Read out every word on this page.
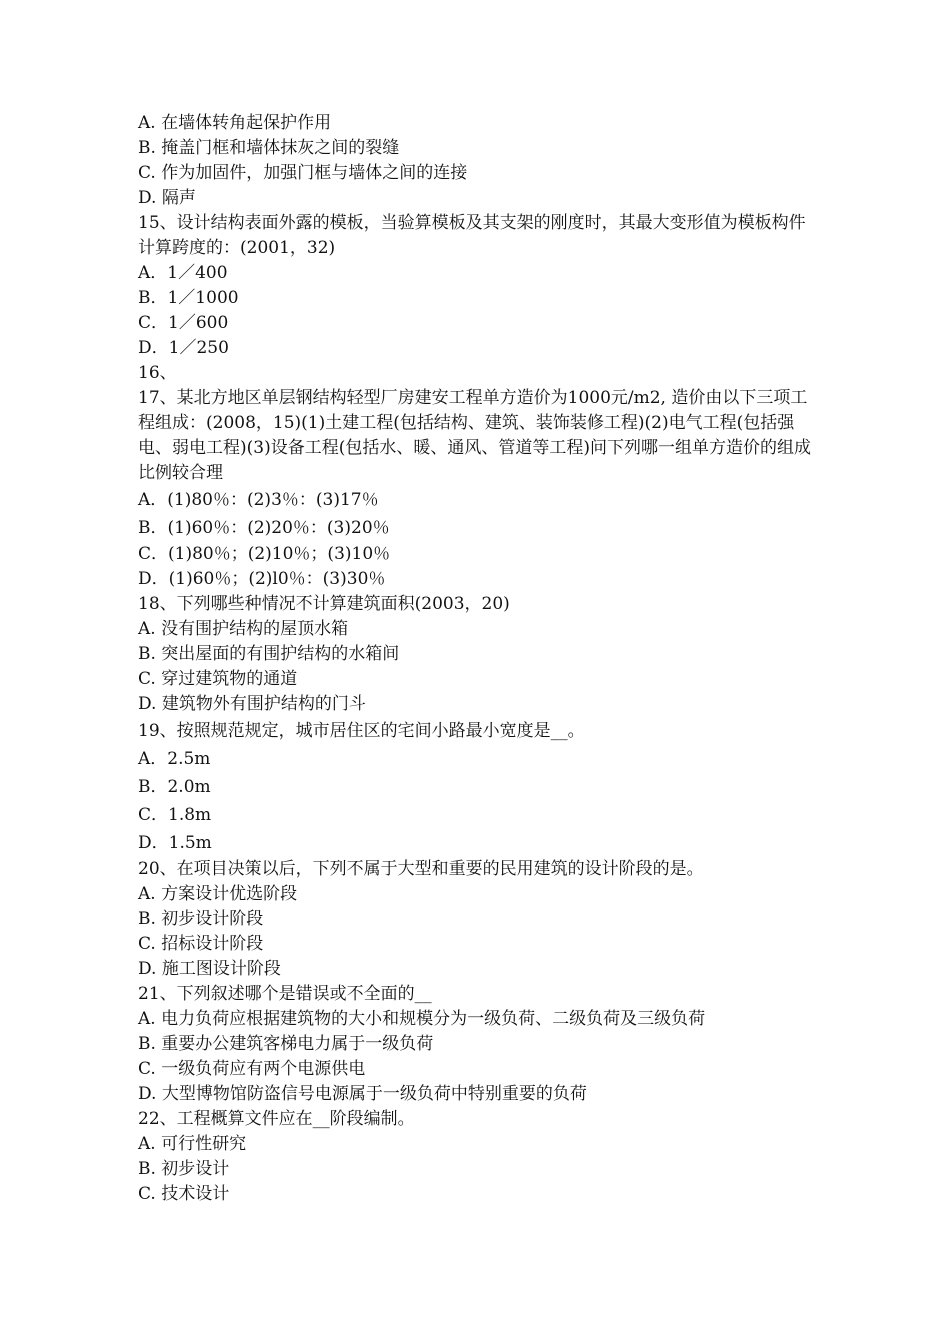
A. 在墙体转角起保护作用
B. 掩盖门框和墙体抹灰之间的裂缝
C. 作为加固件，加强门框与墙体之间的连接
D. 隔声
15、设计结构表面外露的模板，当验算模板及其支架的刚度时，其最大变形值为模板构件计算跨度的：(2001，32)
A．1／400
B．1／1000
C．1／600
D．1／250
16、
17、某北方地区单层钢结构轻型厂房建安工程单方造价为1000元/m2, 造价由以下三项工程组成：(2008，15)(1)土建工程(包括结构、建筑、装饰装修工程)(2)电气工程(包括强电、弱电工程)(3)设备工程(包括水、暖、通风、管道等工程)问下列哪一组单方造价的组成比例较合理
A．(1)80％：(2)3％：(3)17％
B．(1)60％：(2)20％：(3)20％
C．(1)80％；(2)10％；(3)10％
D．(1)60％；(2)l0％：(3)30％
18、下列哪些种情况不计算建筑面积(2003，20)
A. 没有围护结构的屋顶水箱
B. 突出屋面的有围护结构的水箱间
C. 穿过建筑物的通道
D. 建筑物外有围护结构的门斗
19、按照规范规定，城市居住区的宅间小路最小宽度是__。
A．2.5m
B．2.0m
C．1.8m
D．1.5m
20、在项目决策以后，下列不属于大型和重要的民用建筑的设计阶段的是。
A. 方案设计优选阶段
B. 初步设计阶段
C. 招标设计阶段
D. 施工图设计阶段
21、下列叙述哪个是错误或不全面的__
A. 电力负荷应根据建筑物的大小和规模分为一级负荷、二级负荷及三级负荷
B. 重要办公建筑客梯电力属于一级负荷
C. 一级负荷应有两个电源供电
D. 大型博物馆防盗信号电源属于一级负荷中特别重要的负荷
22、工程概算文件应在__阶段编制。
A. 可行性研究
B. 初步设计
C. 技术设计
